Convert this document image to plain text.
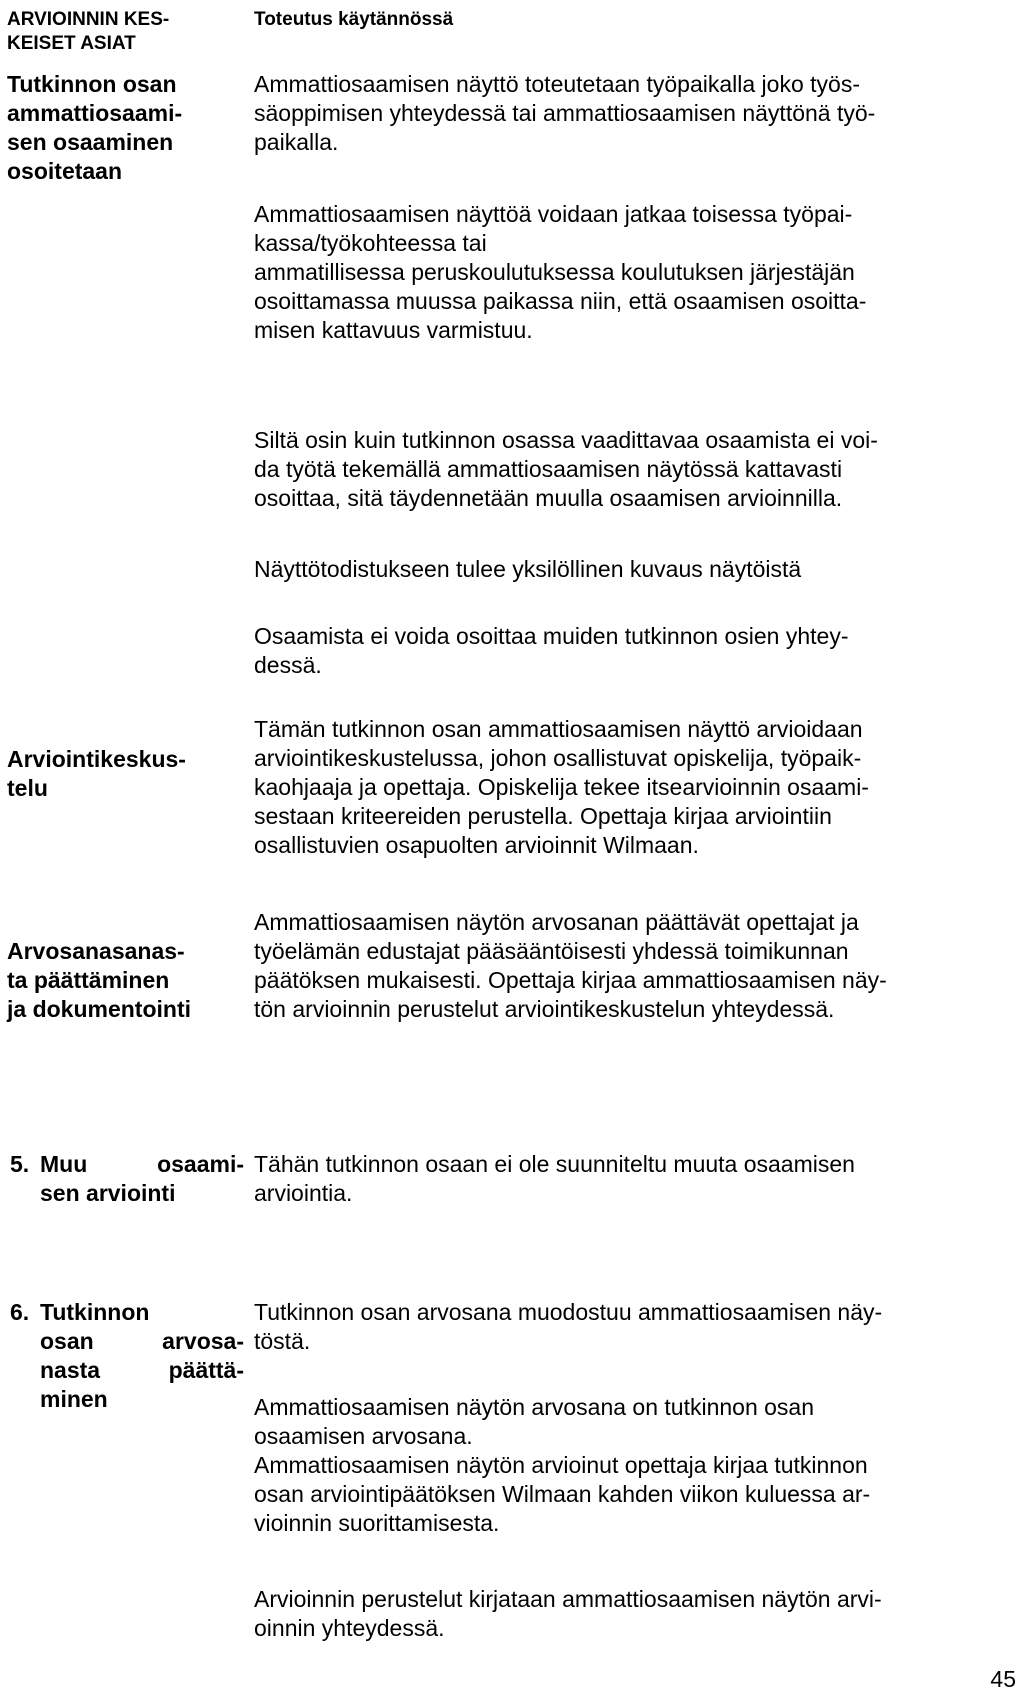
ARVIOINNIN KES-
KEISET ASIAT
Toteutus käytännössä
Tutkinnon osan
ammattiosaami-
sen osaaminen
osoitetaan
Ammattiosaamisen näyttö toteutetaan työpaikalla joko työs-
säoppimisen yhteydessä tai ammattiosaamisen näyttönä työ-
paikalla.
Ammattiosaamisen näyttöä voidaan jatkaa toisessa työpai-
kassa/työkohteessa tai
ammatillisessa peruskoulutuksessa koulutuksen järjestäjän
osoittamassa muussa paikassa niin, että osaamisen osoitta-
misen kattavuus varmistuu.
Siltä osin kuin tutkinnon osassa vaadittavaa osaamista ei voi-
da työtä tekemällä ammattiosaamisen näytössä kattavasti
osoittaa, sitä täydennetään muulla osaamisen arvioinnilla.
Näyttötodistukseen tulee yksilöllinen kuvaus näytöistä
Osaamista ei voida osoittaa muiden tutkinnon osien yhtey-
dessä.
Arviointikeskus-
telu
Tämän tutkinnon osan ammattiosaamisen näyttö arvioidaan
arviointikeskustelussa, johon osallistuvat opiskelija, työpaik-
kaohjaaja ja opettaja. Opiskelija tekee itsearvioinnin osaami-
sestaan kriteereiden perustella. Opettaja kirjaa arviointiin
osallistuvien osapuolten arvioinnit Wilmaan.
Arvosanasanas-
ta päättäminen
ja dokumentointi
Ammattiosaamisen näytön arvosanan päättävät opettajat ja
työelämän edustajat pääsääntöisesti yhdessä toimikunnan
päätöksen mukaisesti. Opettaja kirjaa ammattiosaamisen näy-
tön arvioinnin perustelut arviointikeskustelun yhteydessä.
5. Muu osaami-
sen arviointi
Tähän tutkinnon osaan ei ole suunniteltu muuta osaamisen
arviointia.
6. Tutkinnon
osan arvosa-
nasta päättä-
minen
Tutkinnon osan arvosana muodostuu ammattiosaamisen näy-
töstä.
Ammattiosaamisen näytön arvosana on tutkinnon osan
osaamisen arvosana.
Ammattiosaamisen näytön arvioinut opettaja kirjaa tutkinnon
osan arviointipäätöksen Wilmaan kahden viikon kuluessa ar-
vioinnin suorittamisesta.
Arvioinnin perustelut kirjataan ammattiosaamisen näytön arvi-
oinnin yhteydessä.
45
